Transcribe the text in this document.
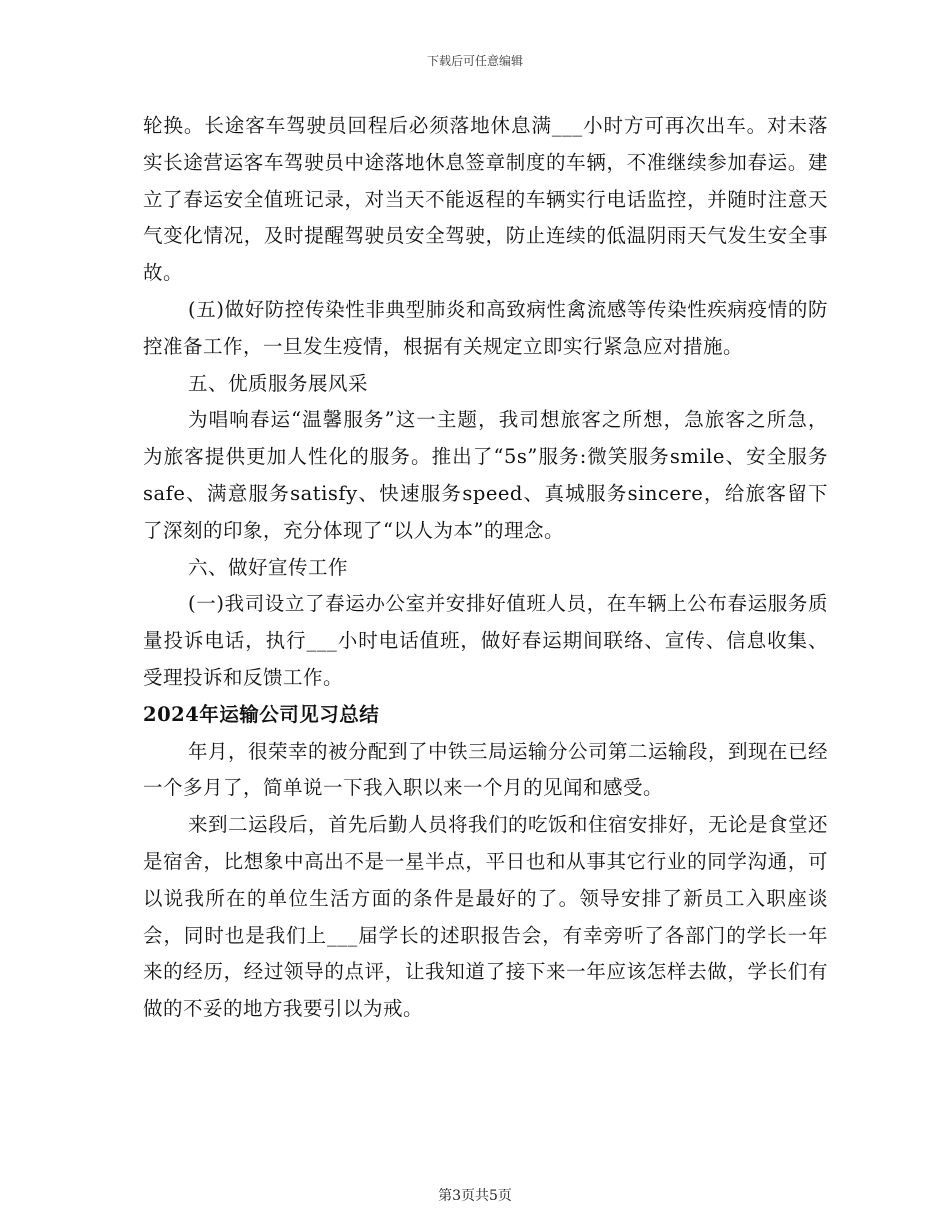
下载后可任意编辑

轮换。长途客车驾驶员回程后必须落地休息满___小时方可再次出车。对未落实长途营运客车驾驶员中途落地休息签章制度的车辆，不准继续参加春运。建立了春运安全值班记录，对当天不能返程的车辆实行电话监控，并随时注意天气变化情况，及时提醒驾驶员安全驾驶，防止连续的低温阴雨天气发生安全事故。

(五)做好防控传染性非典型肺炎和高致病性禽流感等传染性疾病疫情的防控准备工作，一旦发生疫情，根据有关规定立即实行紧急应对措施。

五、优质服务展风采

为唱响春运“温馨服务”这一主题，我司想旅客之所想，急旅客之所急，为旅客提供更加人性化的服务。推出了“5s”服务:微笑服务smile、安全服务safe、满意服务satisfy、快速服务speed、真城服务sincere，给旅客留下了深刻的印象，充分体现了“以人为本”的理念。

六、做好宣传工作

(一)我司设立了春运办公室并安排好值班人员，在车辆上公布春运服务质量投诉电话，执行___小时电话值班，做好春运期间联络、宣传、信息收集、受理投诉和反馈工作。

2024年运输公司见习总结

年月，很荣幸的被分配到了中铁三局运输分公司第二运输段，到现在已经一个多月了，简单说一下我入职以来一个月的见闻和感受。

来到二运段后，首先后勤人员将我们的吃饭和住宿安排好，无论是食堂还是宿舍，比想象中高出不是一星半点，平日也和从事其它行业的同学沟通，可以说我所在的单位生活方面的条件是最好的了。领导安排了新员工入职座谈会，同时也是我们上___届学长的述职报告会，有幸旁听了各部门的学长一年来的经历，经过领导的点评，让我知道了接下来一年应该怎样去做，学长们有做的不妥的地方我要引以为戒。

第3页共5页
